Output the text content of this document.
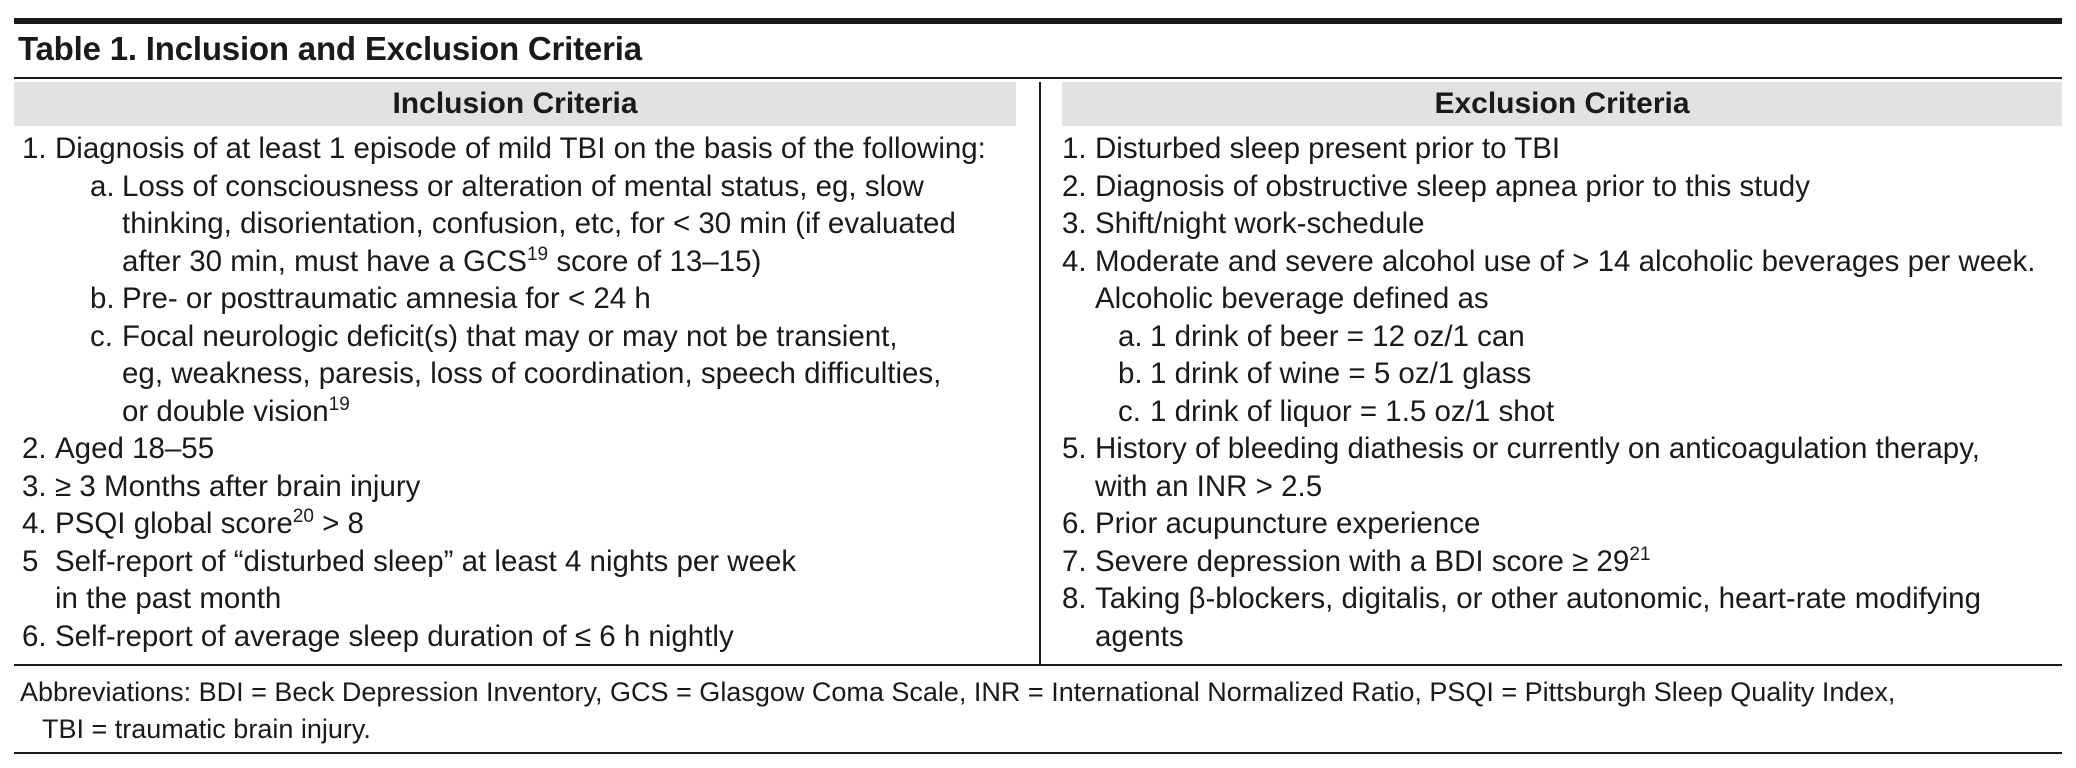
Table 1. Inclusion and Exclusion Criteria
Inclusion Criteria	Exclusion Criteria
1. Diagnosis of at least 1 episode of mild TBI on the basis of the following:
a. Loss of consciousness or alteration of mental status, eg, slow
thinking, disorientation, confusion, etc, for < 30 min (if evaluated
after 30 min, must have a GCS$^{19}$ score of 13–15)
b. Pre- or posttraumatic amnesia for < 24 h
c. Focal neurologic deficit(s) that may or may not be transient,
eg, weakness, paresis, loss of coordination, speech difficulties,
or double vision$^{19}$
2. Aged 18–55
3. ≥ 3 Months after brain injury
4. PSQI global score$^{20}$ > 8
5 Self-report of “disturbed sleep” at least 4 nights per week
in the past month
6. Self-report of average sleep duration of ≤ 6 h nightly
1. Disturbed sleep present prior to TBI
2. Diagnosis of obstructive sleep apnea prior to this study
3. Shift/night work-schedule
4. Moderate and severe alcohol use of > 14 alcoholic beverages per week.
Alcoholic beverage defined as
a. 1 drink of beer = 12 oz/1 can
b. 1 drink of wine = 5 oz/1 glass
c. 1 drink of liquor = 1.5 oz/1 shot
5. History of bleeding diathesis or currently on anticoagulation therapy,
with an INR > 2.5
6. Prior acupuncture experience
7. Severe depression with a BDI score ≥ $29^{21}$
8. Taking β-blockers, digitalis, or other autonomic, heart-rate modifying
agents
Abbreviations: BDI = Beck Depression Inventory, GCS = Glasgow Coma Scale, INR = International Normalized Ratio, PSQI = Pittsburgh Sleep Quality Index,
TBI = traumatic brain injury.
